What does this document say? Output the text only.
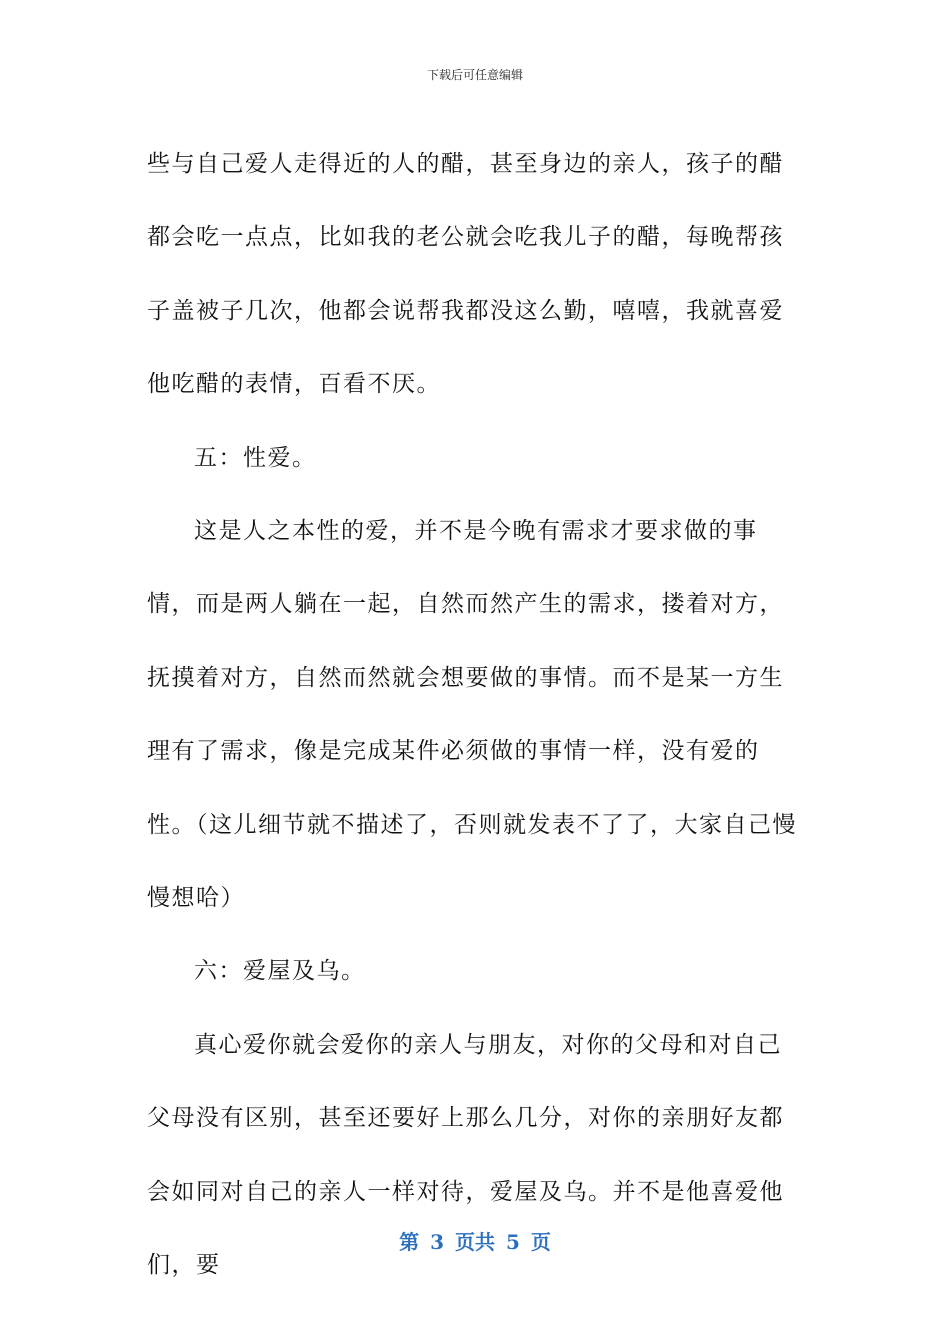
下载后可任意编辑

些与自己爱人走得近的人的醋，甚至身边的亲人，孩子的醋都会吃一点点，比如我的老公就会吃我儿子的醋，每晚帮孩子盖被子几次，他都会说帮我都没这么勤，嘻嘻，我就喜爱他吃醋的表情，百看不厌。

五：性爱。

这是人之本性的爱，并不是今晚有需求才要求做的事情，而是两人躺在一起，自然而然产生的需求，搂着对方，抚摸着对方，自然而然就会想要做的事情。而不是某一方生理有了需求，像是完成某件必须做的事情一样，没有爱的性。（这儿细节就不描述了，否则就发表不了了，大家自己慢慢想哈）

六：爱屋及乌。

真心爱你就会爱你的亲人与朋友，对你的父母和对自己父母没有区别，甚至还要好上那么几分，对你的亲朋好友都会如同对自己的亲人一样对待，爱屋及乌。并不是他喜爱他们，要

第 3 页共 5 页
